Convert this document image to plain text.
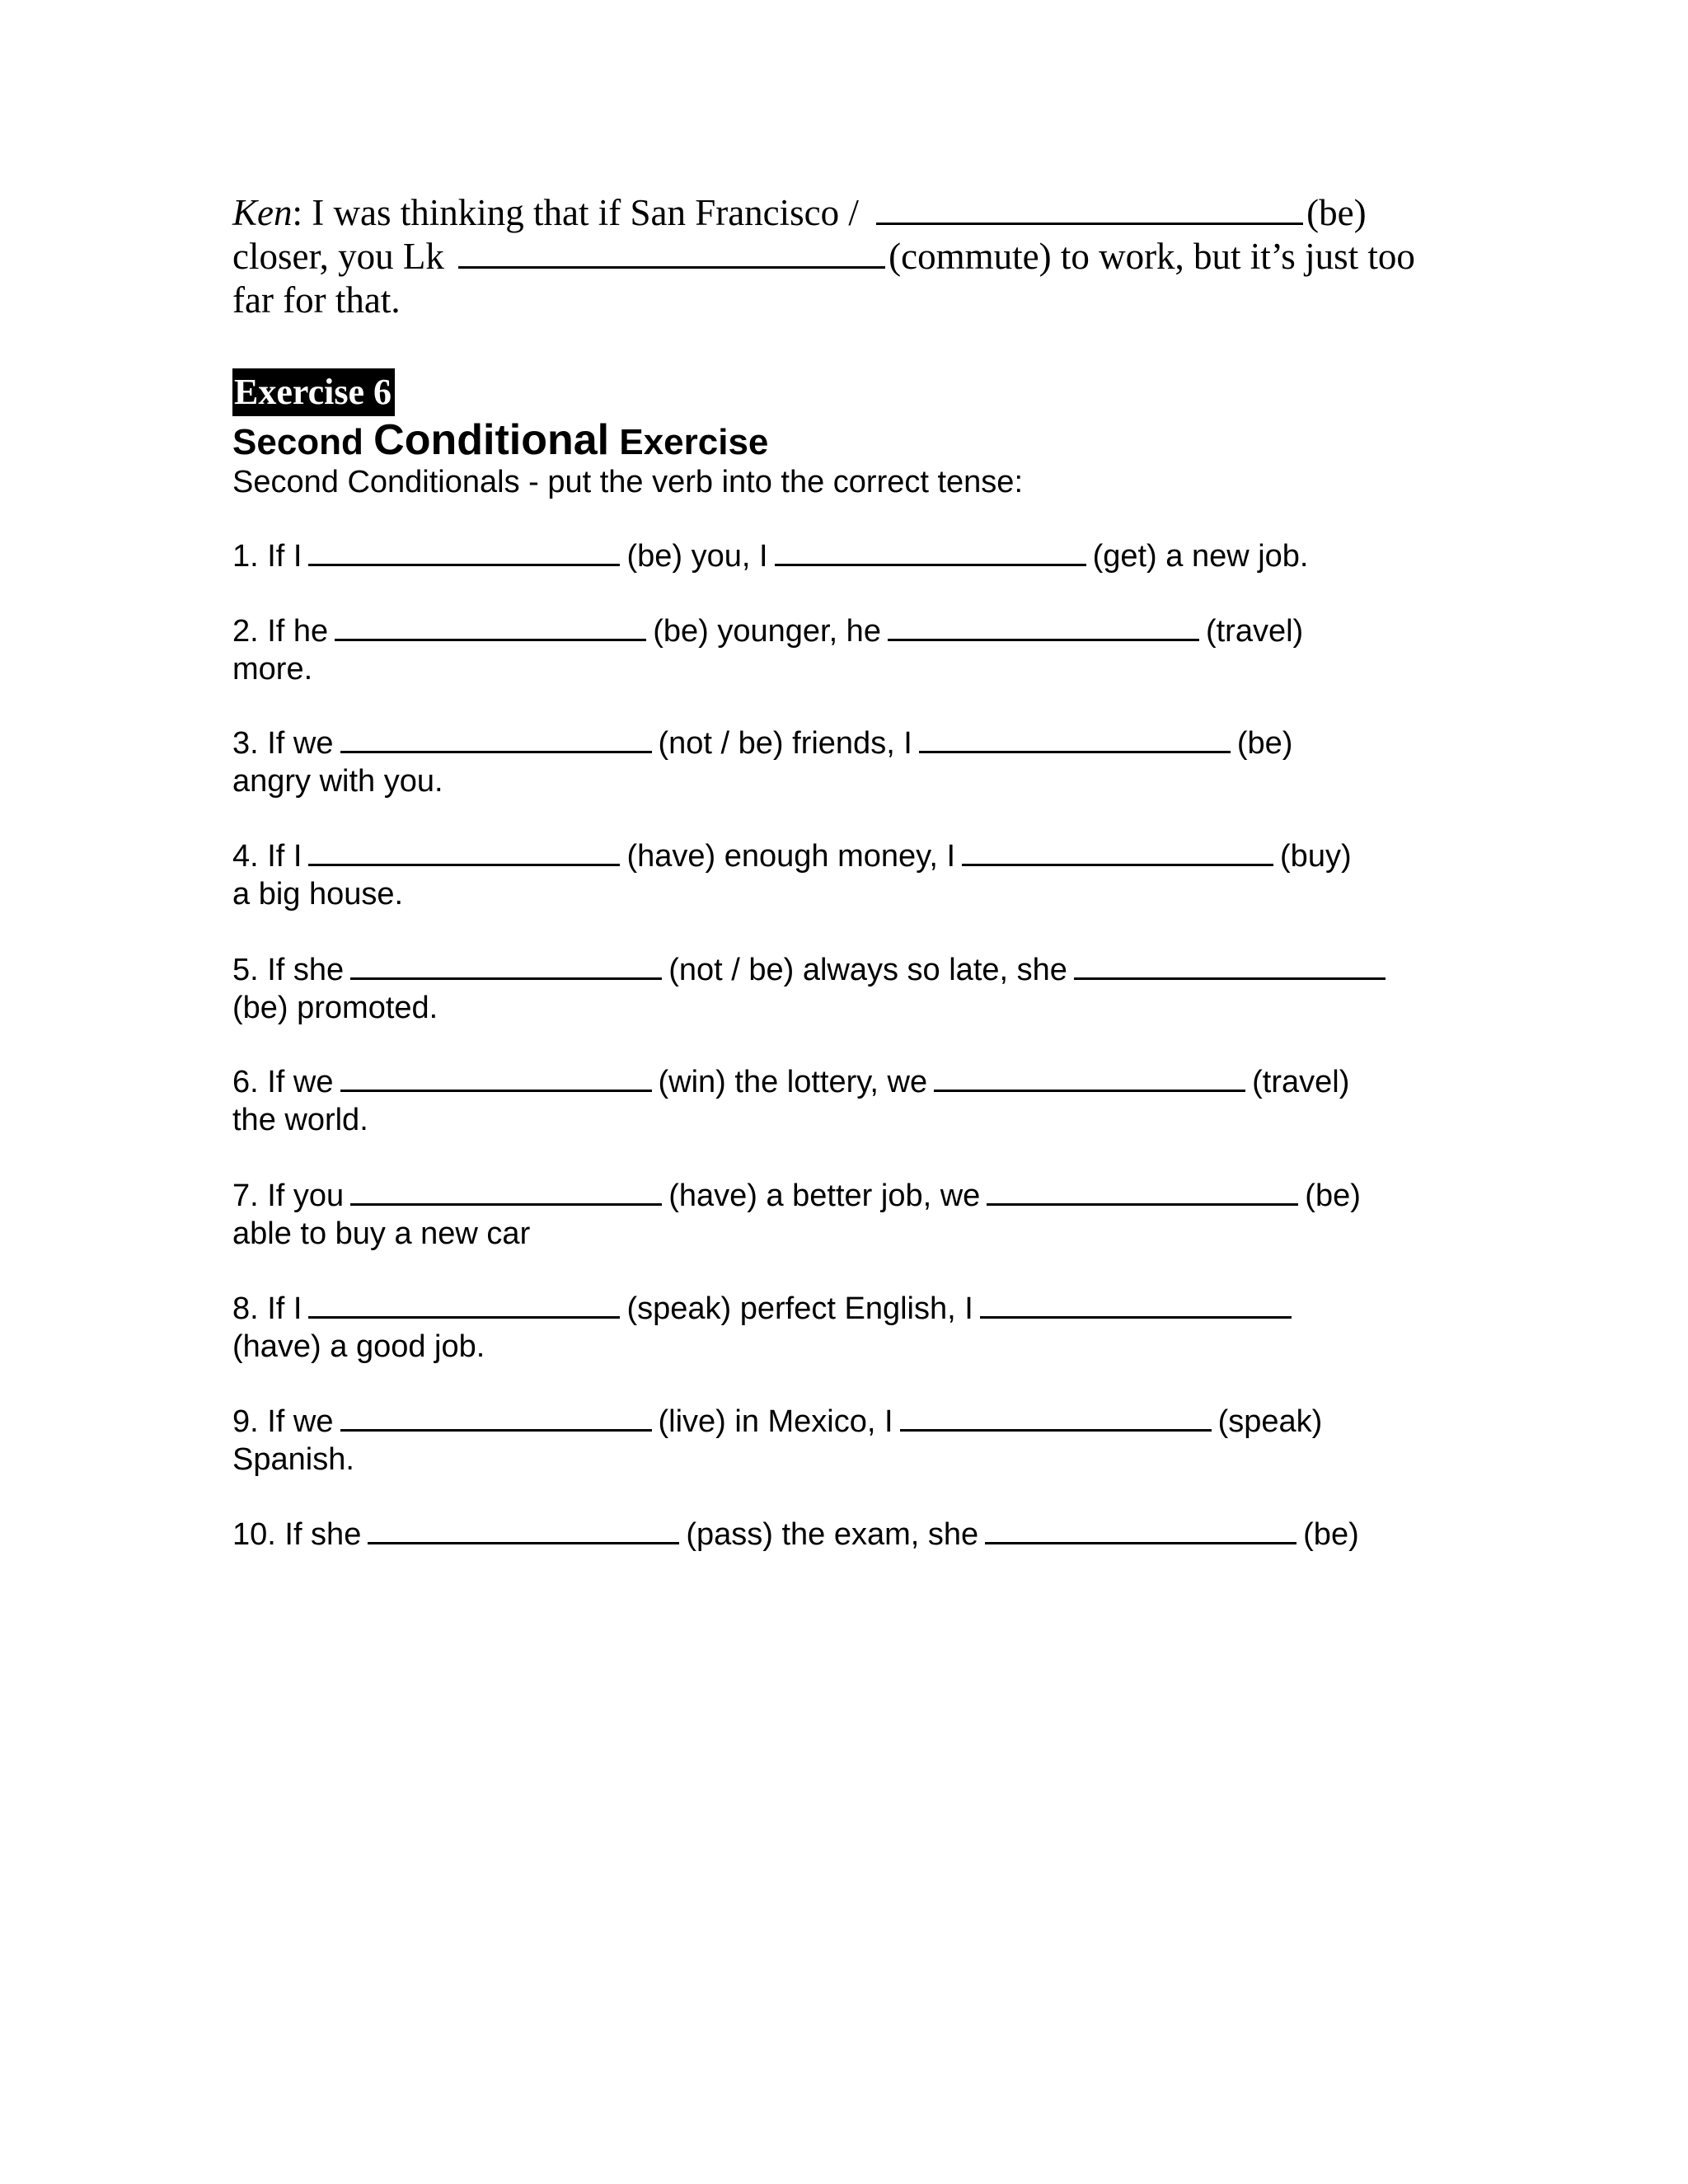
Ken: I was thinking that if San Francisco /	(be)
closer, you Lk	(commute) to work, but it’s just too
far for that.
Exercise 6
Second Conditional Exercise
Second Conditionals - put the verb into the correct tense:
1. If I	(be) you, I	(get) a new job.
2. If he	(be) younger, he	(travel)
more.
3. If we	(not / be) friends, I	(be)
angry with you.
4. If I	(have) enough money, I	(buy)
a big house.
5. If she	(not / be) always so late, she
(be) promoted.
6. If we	(win) the lottery, we	(travel)
the world.
7. If you	(have) a better job, we	(be)
able to buy a new car
8. If I	(speak) perfect English, I
(have) a good job.
9. If we	(live) in Mexico, I	(speak)
Spanish.
10. If she	(pass) the exam, she	(be)
